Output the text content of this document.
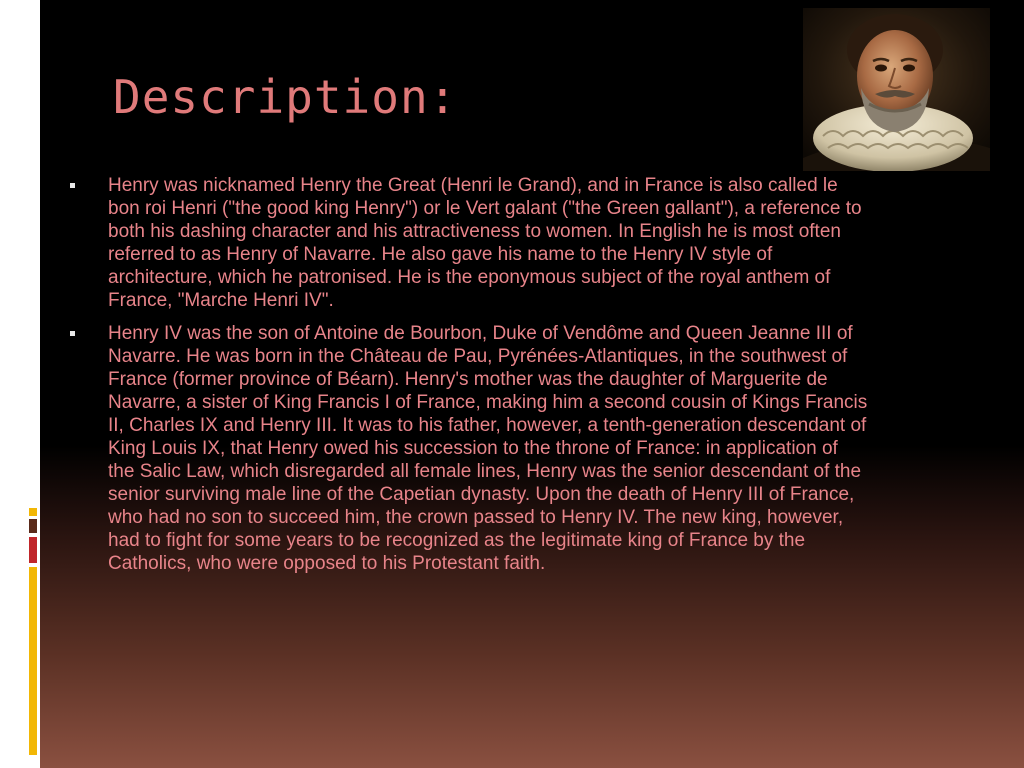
Description:

Henry was nicknamed Henry the Great (Henri le Grand), and in France is also called le bon roi Henri ("the good king Henry") or le Vert galant ("the Green gallant"), a reference to both his dashing character and his attractiveness to women. In English he is most often referred to as Henry of Navarre. He also gave his name to the Henry IV style of architecture, which he patronised. He is the eponymous subject of the royal anthem of France, "Marche Henri IV".

Henry IV was the son of Antoine de Bourbon, Duke of Vendôme and Queen Jeanne III of Navarre. He was born in the Château de Pau, Pyrénées-Atlantiques, in the southwest of France (former province of Béarn). Henry's mother was the daughter of Marguerite de Navarre, a sister of King Francis I of France, making him a second cousin of Kings Francis II, Charles IX and Henry III. It was to his father, however, a tenth-generation descendant of King Louis IX, that Henry owed his succession to the throne of France: in application of the Salic Law, which disregarded all female lines, Henry was the senior descendant of the senior surviving male line of the Capetian dynasty. Upon the death of Henry III of France, who had no son to succeed him, the crown passed to Henry IV. The new king, however, had to fight for some years to be recognized as the legitimate king of France by the Catholics, who were opposed to his Protestant faith.
